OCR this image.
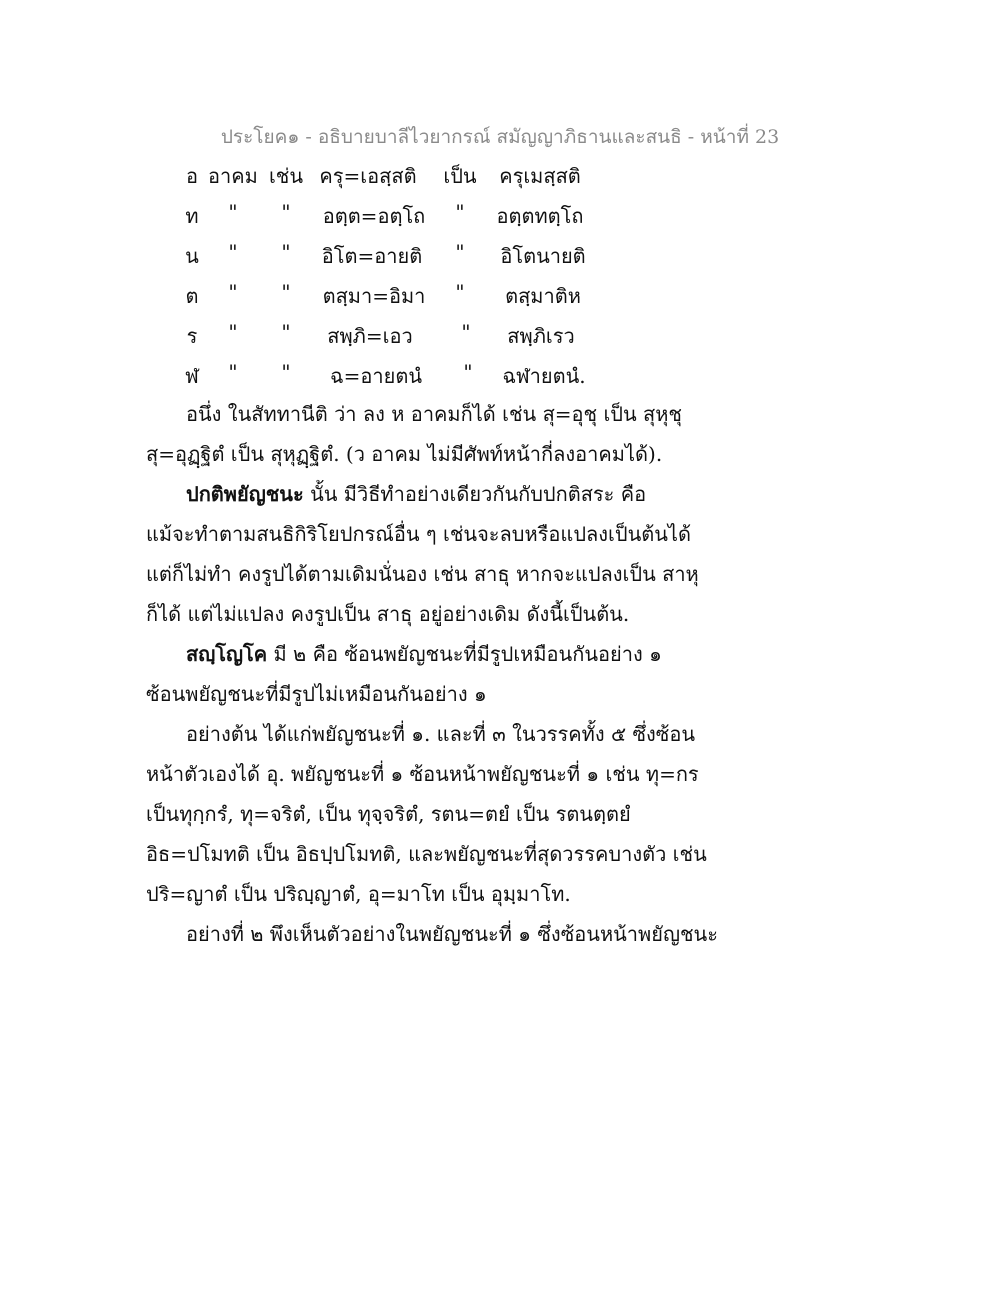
ประโยค๑ - อธิบายบาลีไวยากรณ์ สมัญญาภิธานและสนธิ - หน้าที่ 23
อ อาคม เช่น ครุ=เอสฺสติ เป็น ครุเมสฺสติ
ท " " อตฺต=อตฺโถ " อตฺตทตฺโถ
น " " อิโต=อายติ " อิโตนายติ
ต " " ตสฺมา=อิมา " ตสฺมาติห
ร " " สพฺภิ=เอว " สพฺภิเรว
ฬ " " ฉ=อายตนํ " ฉฬายตนํ.
อนึ่ง ในสัททานีติ ว่า ลง ห อาคมก็ได้ เช่น สุ=อุชุ เป็น สุหุชุ
สุ=อุฏฺฐิตํ เป็น สุหุฏฺฐิตํ. (ว อาคม ไม่มีศัพท์หน้ากี่ลงอาคมได้).
ปกติพยัญชนะ นั้น มีวิธีทำอย่างเดียวกันกับปกติสระ คือ
แม้จะทำตามสนธิกิริโยปกรณ์อื่น ๆ เช่นจะลบหรือแปลงเป็นต้นได้
แต่ก็ไม่ทำ คงรูปได้ตามเดิมนั่นอง เช่น สาธุ หากจะแปลงเป็น สาหุ
ก็ได้ แต่ไม่แปลง คงรูปเป็น สาธุ อยู่อย่างเดิม ดังนี้เป็นต้น.
สญฺโญโค มี ๒ คือ ซ้อนพยัญชนะที่มีรูปเหมือนกันอย่าง ๑
ซ้อนพยัญชนะที่มีรูปไม่เหมือนกันอย่าง ๑
อย่างต้น ได้แก่พยัญชนะที่ ๑. และที่ ๓ ในวรรคทั้ง ๕ ซึ่งซ้อน
หน้าตัวเองได้ อุ. พยัญชนะที่ ๑ ซ้อนหน้าพยัญชนะที่ ๑ เช่น ทุ=กร
เป็นทุกฺกรํ, ทุ=จริตํ, เป็น ทุจฺจริตํ, รตน=ตยํ เป็น รตนตฺตยํ
อิธ=ปโมทติ เป็น อิธปฺปโมทติ, และพยัญชนะที่สุดวรรคบางตัว เช่น
ปริ=ญาตํ เป็น ปริญฺญาตํ, อุ=มาโท เป็น อุมฺมาโท.
อย่างที่ ๒ พึงเห็นตัวอย่างในพยัญชนะที่ ๑ ซึ่งซ้อนหน้าพยัญชนะ
